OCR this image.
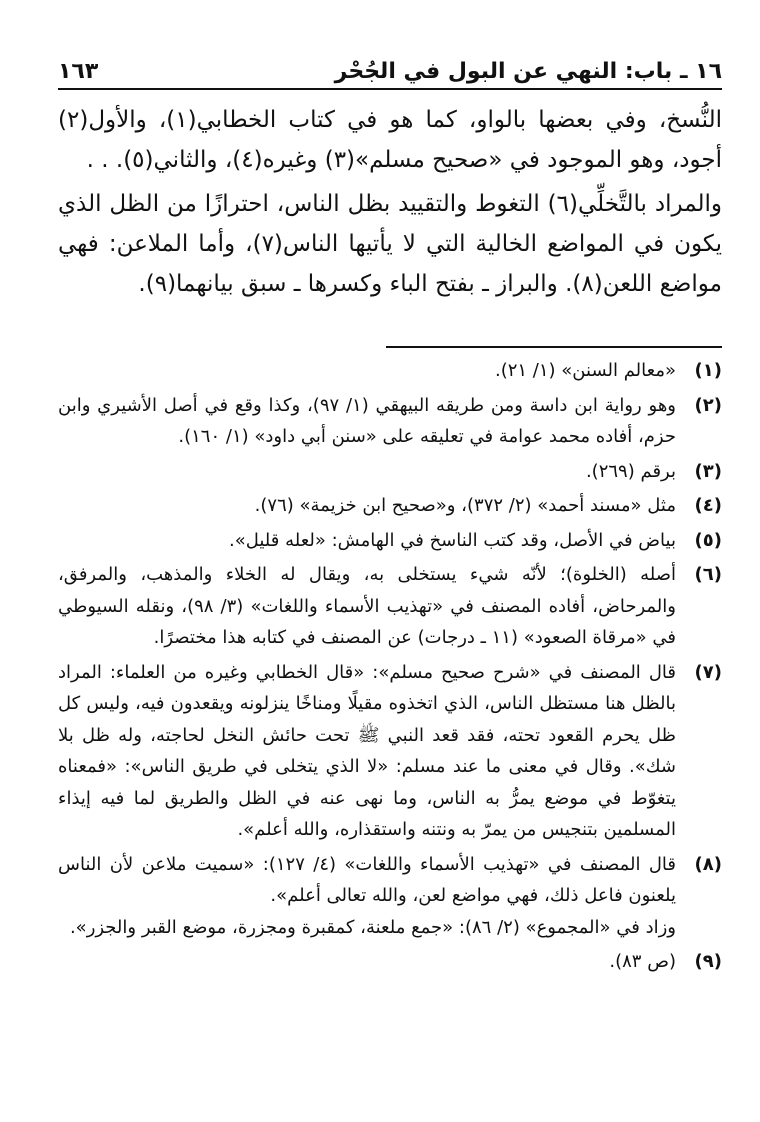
١٦ ـ باب: النهي عن البول في الجُحْر
١٦٣

النُّسخ، وفي بعضها بالواو، كما هو في كتاب الخطابي(١)، والأول(٢) أجود، وهو الموجود في «صحيح مسلم»(٣) وغيره(٤)، والثاني(٥). . .

والمراد بالتَّخلِّي(٦) التغوط والتقييد بظل الناس، احترازًا من الظل الذي يكون في المواضع الخالية التي لا يأتيها الناس(٧)، وأما الملاعن: فهي مواضع اللعن(٨). والبراز ـ بفتح الباء وكسرها ـ سبق بيانهما(٩).

(١)

«معالم السنن» (١/ ٢١).

(٢)

وهو رواية ابن داسة ومن طريقه البيهقي (١/ ٩٧)، وكذا وقع في أصل الأشيري وابن حزم، أفاده محمد عوامة في تعليقه على «سنن أبي داود» (١/ ١٦٠).

(٣)

برقم (٢٦٩).

(٤)

مثل «مسند أحمد» (٢/ ٣٧٢)، و«صحيح ابن خزيمة» (٧٦).

(٥)

بياض في الأصل، وقد كتب الناسخ في الهامش: «لعله قليل».

(٦)

أصله (الخلوة)؛ لأنّه شيء يستخلى به، ويقال له الخلاء والمذهب، والمرفق، والمرحاض، أفاده المصنف في «تهذيب الأسماء واللغات» (٣/ ٩٨)، ونقله السيوطي في «مرقاة الصعود» (١١ ـ درجات) عن المصنف في كتابه هذا مختصرًا.

(٧)

قال المصنف في «شرح صحيح مسلم»: «قال الخطابي وغيره من العلماء: المراد بالظل هنا مستظل الناس، الذي اتخذوه مقيلًا ومناخًا ينزلونه ويقعدون فيه، وليس كل ظل يحرم القعود تحته، فقد قعد النبي ﷺ تحت حائش النخل لحاجته، وله ظل بلا شك». وقال في معنى ما عند مسلم: «لا الذي يتخلى في طريق الناس»: «فمعناه يتغوّط في موضع يمرُّ به الناس، وما نهى عنه في الظل والطريق لما فيه إيذاء المسلمين بتنجيس من يمرّ به ونتنه واستقذاره، والله أعلم».

(٨)

قال المصنف في «تهذيب الأسماء واللغات» (٤/ ١٢٧): «سميت ملاعن لأن الناس يلعنون فاعل ذلك، فهي مواضع لعن، والله تعالى أعلم».

وزاد في «المجموع» (٢/ ٨٦): «جمع ملعنة، كمقبرة ومجزرة، موضع القبر والجزر».

(٩)

(ص ٨٣).
